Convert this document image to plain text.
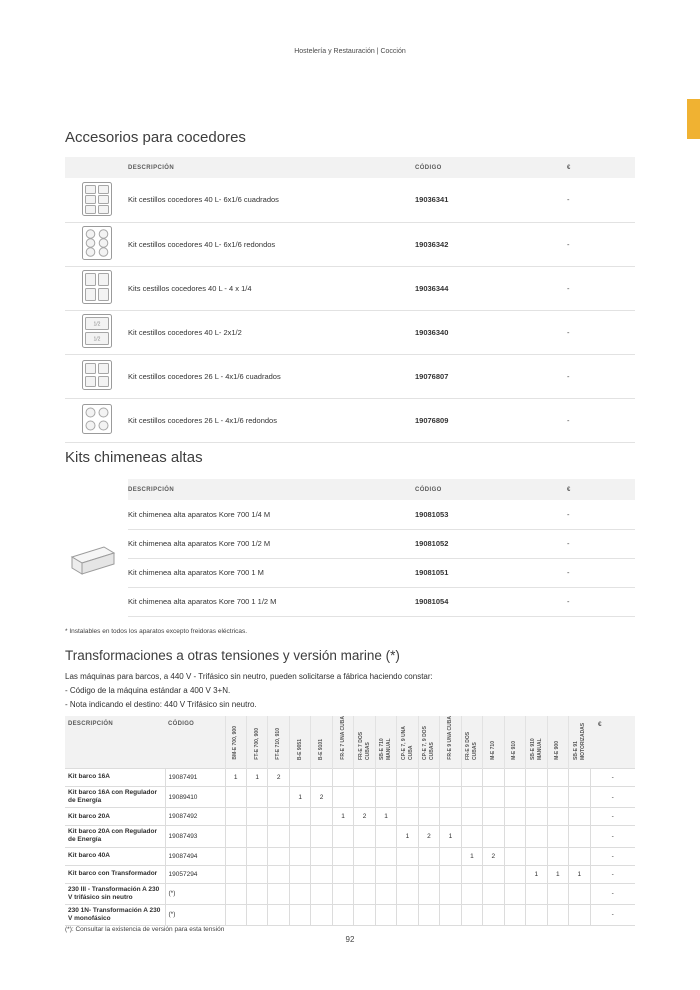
Hostelería y Restauración | Cocción
Accesorios para cocedores
	DESCRIPCIÓN	CÓDIGO	€
	Kit cestillos cocedores 40 L- 6x1/6 cuadrados	19036341	-
	Kit cestillos cocedores 40 L- 6x1/6 redondos	19036342	-
	Kits cestillos cocedores 40 L - 4 x 1/4	19036344	-

1/2
1/2	Kit cestillos cocedores 40 L- 2x1/2	19036340	-
	Kit cestillos cocedores 26 L - 4x1/6 cuadrados	19076807	-
	Kit cestillos cocedores 26 L - 4x1/6 redondos	19076809	-
Kits chimeneas altas
	DESCRIPCIÓN	CÓDIGO	€
	Kit chimenea alta aparatos Kore 700 1/4 M	19081053	-
	Kit chimenea alta aparatos Kore 700 1/2 M	19081052	-
	Kit chimenea alta aparatos Kore 700 1 M	19081051	-
	Kit chimenea alta aparatos Kore 700 1 1/2 M	19081054	-
* Instalables en todos los aparatos excepto freidoras eléctricas.
Transformaciones a otras tensiones y versión marine (*)
Las máquinas para barcos, a 440 V - Trifásico sin neutro, pueden solicitarse a fábrica haciendo constar:
- Código de la máquina estándar a 400 V 3+N.
- Nota indicando el destino: 440 V Trifásico sin neutro.
DESCRIPCIÓN	CÓDIGO	BM-E 700, 900	FT-E 700, 900	FT-E 710, 910	B-E 9051	B-E 9101	FR-E 7 UNA CUBA	FR-E 7 DOS CUBAS	SB-E 710 MANUAL	CP-E 7, 9 UNA CUBA	CP-E 7, 9 DOS CUBAS	FR-E 9 UNA CUBA	FR-E 9 DOS CUBAS	M-E 710	M-E 910	SB-E 910 MANUAL	M-E 900	SB-E 91 MOTORIZADAS	€
Kit barco 16A	19087491	1	1	2															-
Kit barco 16A con Regulador de Energía	19089410				1	2													-
Kit barco 20A	19087492						1	2	1										-
Kit barco 20A con Regulador de Energía	19087493									1	2	1							-
Kit barco 40A	19087494												1	2					-
Kit barco con Transformador	19057294															1	1	1	-
230 III - Transformación A 230 V trifásico sin neutro	(*)																		-
230 1N- Transformación A 230 V monofásico	(*)																		-
(*): Consultar la existencia de versión para esta tensión
92
